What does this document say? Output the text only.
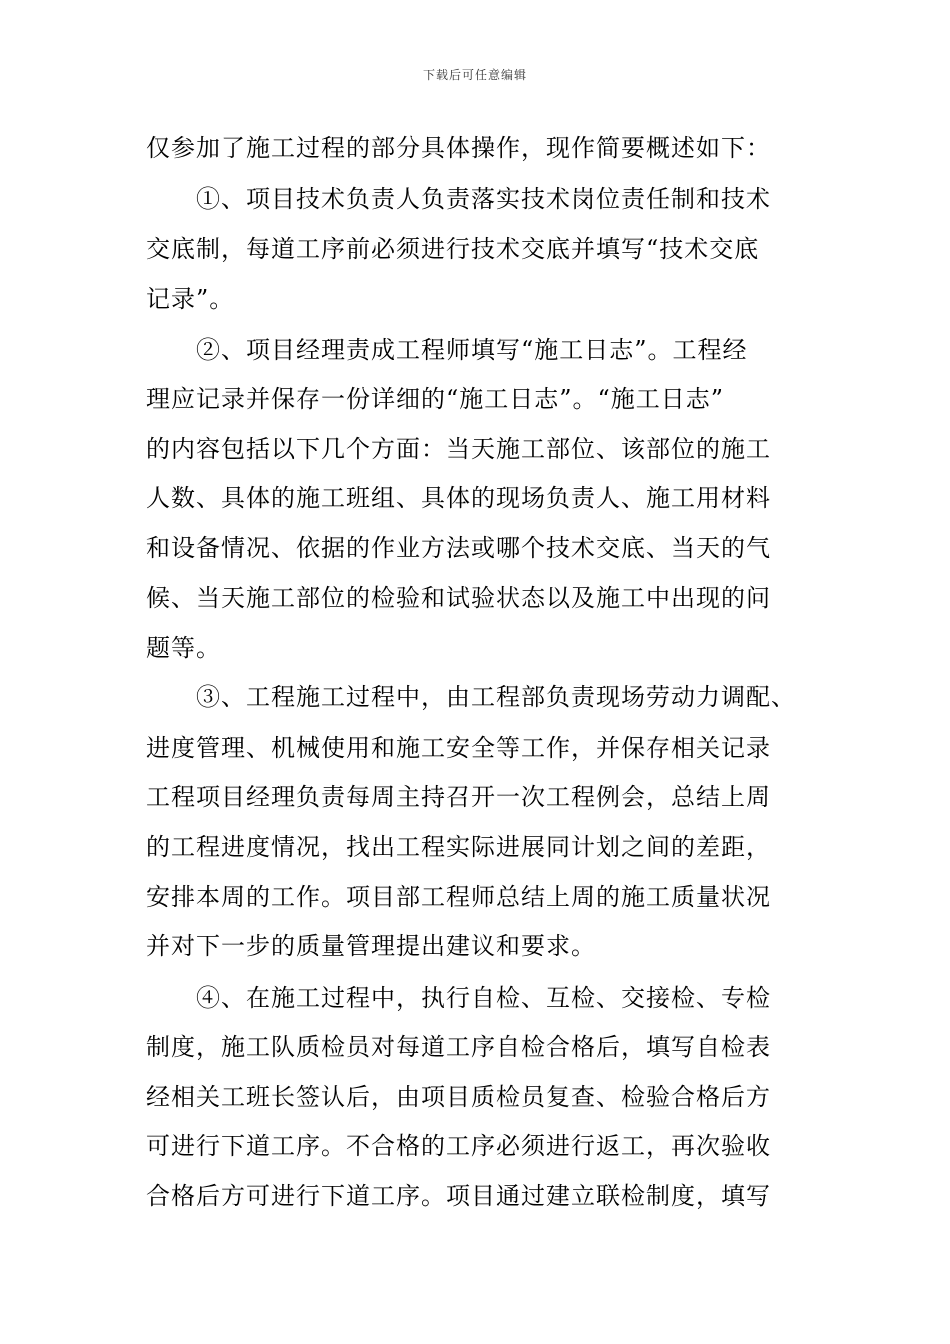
下载后可任意编辑
仅参加了施工过程的部分具体操作，现作简要概述如下：
　　①、项目技术负责人负责落实技术岗位责任制和技术
交底制，每道工序前必须进行技术交底并填写“技术交底
记录”。
　　②、项目经理责成工程师填写“施工日志”。工程经
理应记录并保存一份详细的“施工日志”。“施工日志”
的内容包括以下几个方面：当天施工部位、该部位的施工
人数、具体的施工班组、具体的现场负责人、施工用材料
和设备情况、依据的作业方法或哪个技术交底、当天的气
候、当天施工部位的检验和试验状态以及施工中出现的问
题等。
　　③、工程施工过程中，由工程部负责现场劳动力调配、
进度管理、机械使用和施工安全等工作，并保存相关记录
工程项目经理负责每周主持召开一次工程例会，总结上周
的工程进度情况，找出工程实际进展同计划之间的差距，
安排本周的工作。项目部工程师总结上周的施工质量状况
并对下一步的质量管理提出建议和要求。
　　④、在施工过程中，执行自检、互检、交接检、专检
制度，施工队质检员对每道工序自检合格后，填写自检表
经相关工班长签认后，由项目质检员复查、检验合格后方
可进行下道工序。不合格的工序必须进行返工，再次验收
合格后方可进行下道工序。项目通过建立联检制度，填写
